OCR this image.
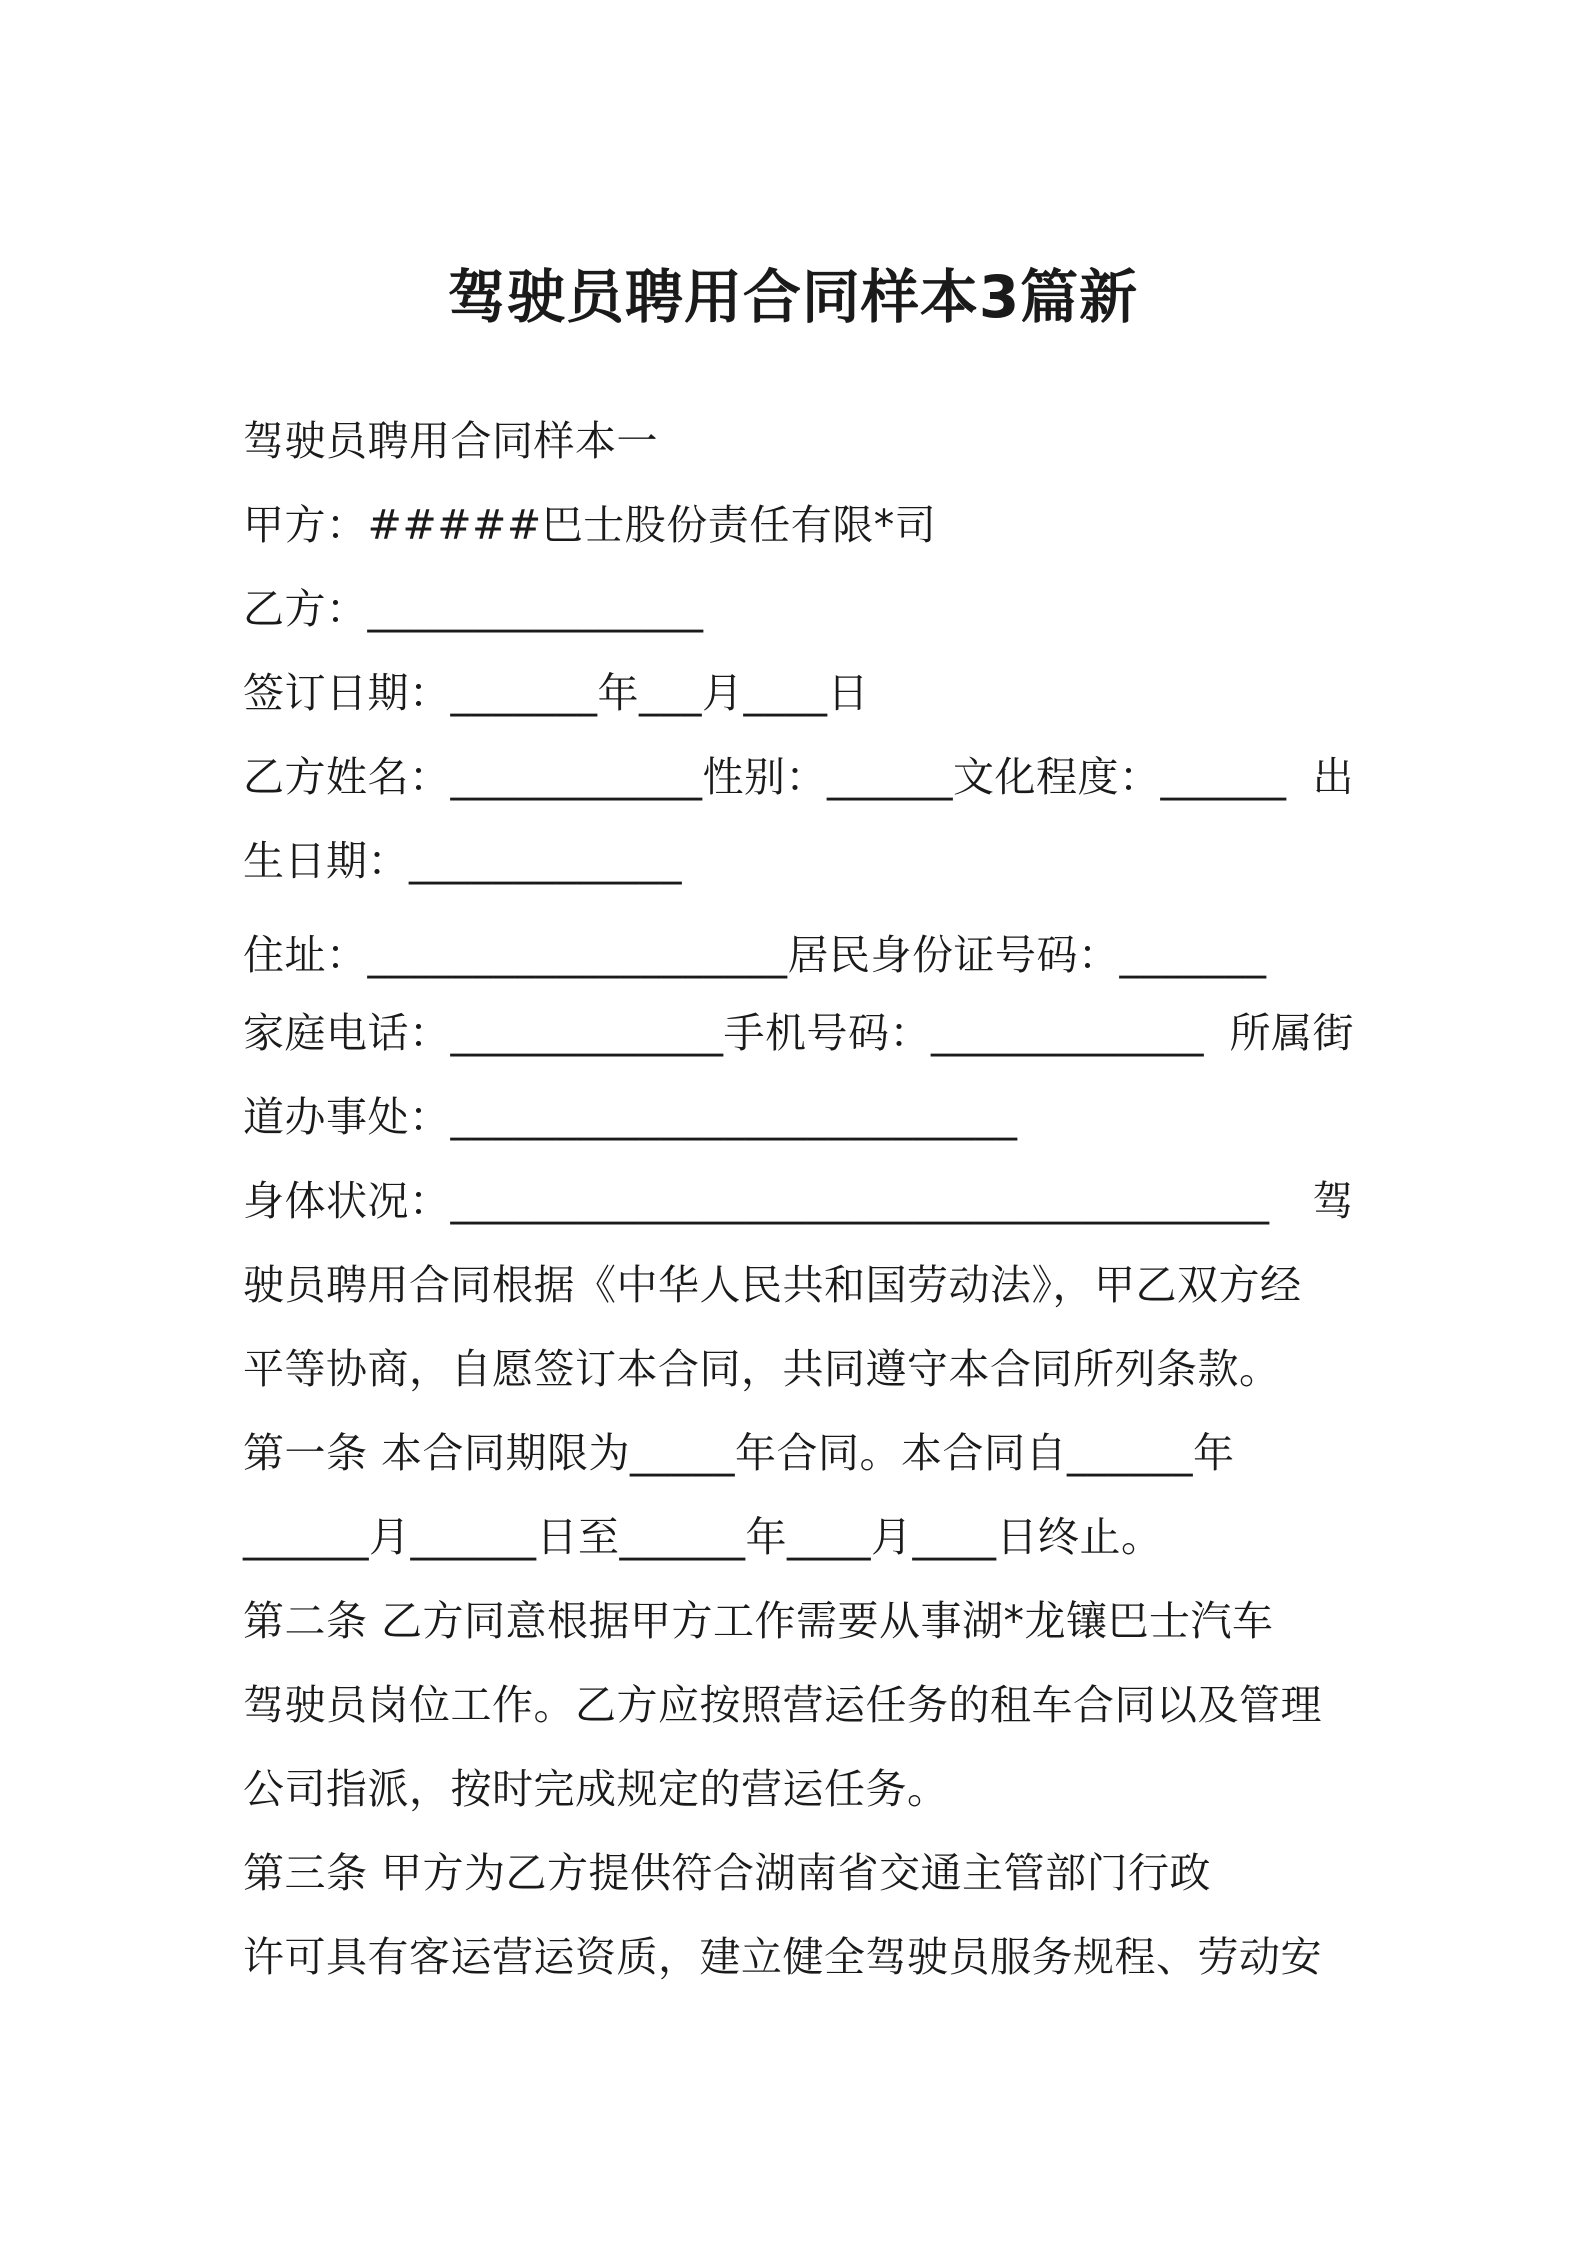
驾驶员聘用合同样本3篇新
驾驶员聘用合同样本一
甲方：#####巴士股份责任有限*司
乙方：________________
签订日期：_______年___月____日
乙方姓名：____________性别：______文化程度：______ 出
生日期：_____________
住址：____________________居民身份证号码：_______
家庭电话：_____________手机号码：_____________ 所属街
道办事处：___________________________
身体状况：_______________________________________ 驾
驶员聘用合同根据《中华人民共和国劳动法》，甲乙双方经
平等协商，自愿签订本合同，共同遵守本合同所列条款。
第一条 本合同期限为_____年合同。本合同自______年
______月______日至______年____月____日终止。
第二条 乙方同意根据甲方工作需要从事湖*龙镶巴士汽车
驾驶员岗位工作。乙方应按照营运任务的租车合同以及管理
公司指派，按时完成规定的营运任务。
第三条 甲方为乙方提供符合湖南省交通主管部门行政
许可具有客运营运资质，建立健全驾驶员服务规程、劳动安
